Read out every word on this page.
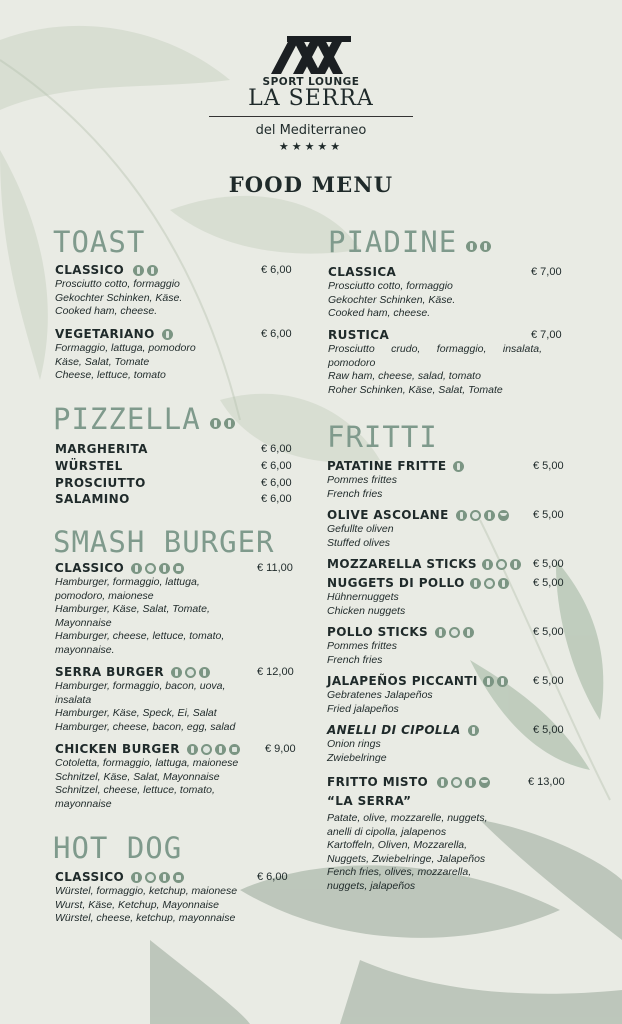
SPORT LOUNGE
LA SERRA
del Mediterraneo
★★★★★
FOOD MENU
TOAST
CLASSICO	€ 6,00
Prosciutto cotto, formaggio
Gekochter Schinken, Käse.
Cooked ham, cheese.
VEGETARIANO	€ 6,00
Formaggio, lattuga, pomodoro
Käse, Salat, Tomate
Cheese, lettuce, tomato
PIZZELLA
MARGHERITA	€ 6,00
WÜRSTEL	€ 6,00
PROSCIUTTO	€ 6,00
SALAMINO	€ 6,00
SMASH BURGER
CLASSICO	€ 11,00
Hamburger, formaggio, lattuga,
pomodoro, maionese
Hamburger, Käse, Salat, Tomate,
Mayonnaise
Hamburger, cheese, lettuce, tomato,
mayonnaise.
SERRA BURGER	€ 12,00
Hamburger, formaggio, bacon, uova,
insalata
Hamburger, Käse, Speck, Ei, Salat
Hamburger, cheese, bacon, egg, salad
CHICKEN BURGER	€ 9,00
Cotoletta, formaggio, lattuga, maionese
Schnitzel, Käse, Salat, Mayonnaise
Schnitzel, cheese, lettuce, tomato,
mayonnaise
HOT DOG
CLASSICO	€ 6,00
Würstel, formaggio, ketchup, maionese
Wurst, Käse, Ketchup, Mayonnaise
Würstel, cheese, ketchup, mayonnaise
PIADINE
CLASSICA	€ 7,00
Prosciutto cotto, formaggio
Gekochter Schinken, Käse.
Cooked ham, cheese.
RUSTICA	€ 7,00
Prosciutto crudo, formaggio, insalata,
pomodoro
Raw ham, cheese, salad, tomato
Roher Schinken, Käse, Salat, Tomate
FRITTI
PATATINE FRITTE	€ 5,00
Pommes frittes
French fries
OLIVE ASCOLANE	€ 5,00
Gefullte oliven
Stuffed olives
MOZZARELLA STICKS	€ 5,00
NUGGETS DI POLLO	€ 5,00
Hühnernuggets
Chicken nuggets
POLLO STICKS	€ 5,00
Pommes frittes
French fries
JALAPEÑOS PICCANTI	€ 5,00
Gebratenes Jalapeños
Fried jalapeños
ANELLI DI CIPOLLA	€ 5,00
Onion rings
Zwiebelringe
FRITTO MISTO	€ 13,00
“LA SERRA”
Patate, olive, mozzarelle, nuggets,
anelli di cipolla, jalapenos
Kartoffeln, Oliven, Mozzarella,
Nuggets, Zwiebelringe, Jalapeños
Fench fries, olives, mozzarella,
nuggets, jalapeños
